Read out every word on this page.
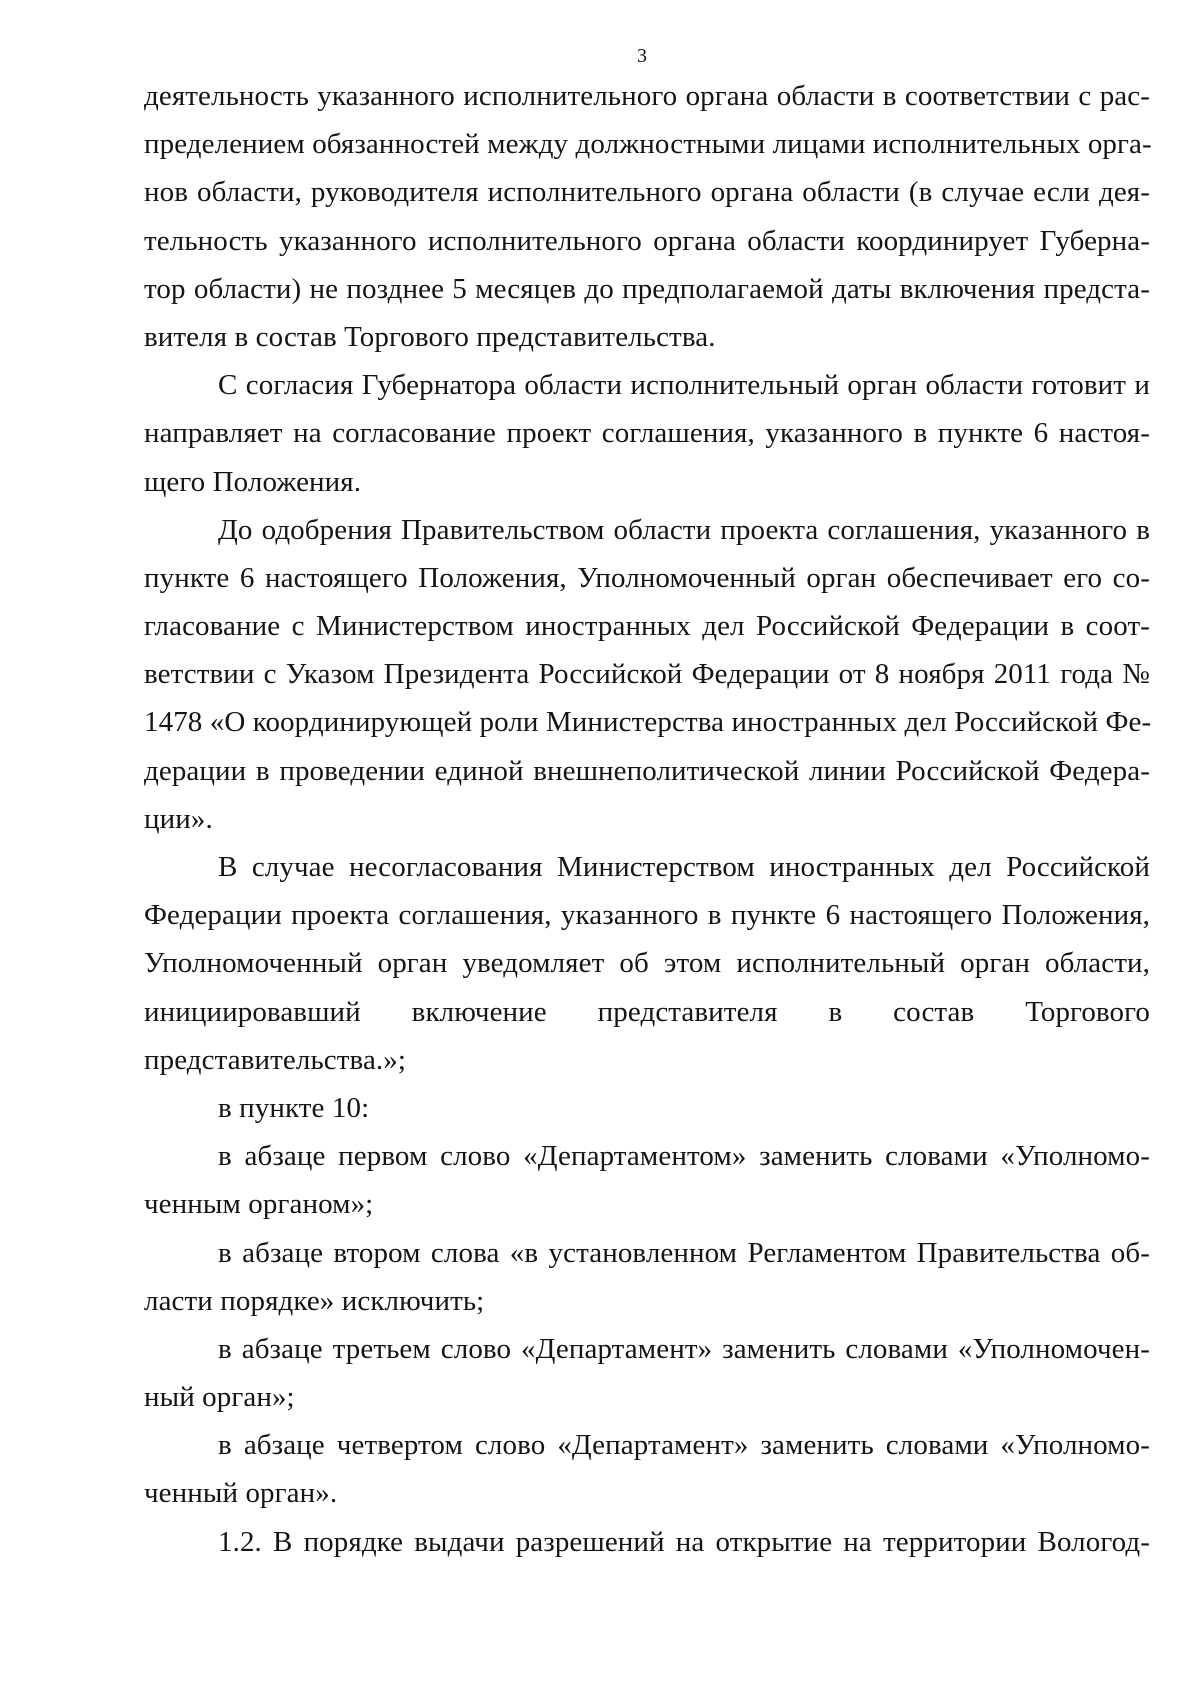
3
деятельность указанного исполнительного органа области в соответствии с рас-
пределением обязанностей между должностными лицами исполнительных орга-
нов области, руководителя исполнительного органа области (в случае если дея-
тельность указанного исполнительного органа области координирует Губерна-
тор области) не позднее 5 месяцев до предполагаемой даты включения предста-
вителя в состав Торгового представительства.
С согласия Губернатора области исполнительный орган области готовит и
направляет на согласование проект соглашения, указанного в пункте 6 настоя-
щего Положения.
До одобрения Правительством области проекта соглашения, указанного в
пункте 6 настоящего Положения, Уполномоченный орган обеспечивает его со-
гласование с Министерством иностранных дел Российской Федерации в соот-
ветствии с Указом Президента Российской Федерации от 8 ноября 2011 года №
1478 «О координирующей роли Министерства иностранных дел Российской Фе-
дерации в проведении единой внешнеполитической линии Российской Федера-
ции».
В случае несогласования Министерством иностранных дел Российской
Федерации проекта соглашения, указанного в пункте 6 настоящего Положения,
Уполномоченный орган уведомляет об этом исполнительный орган области,
инициировавший включение представителя в состав Торгового
представительства.»;
в пункте 10:
в абзаце первом слово «Департаментом» заменить словами «Уполномо-
ченным органом»;
в абзаце втором слова «в установленном Регламентом Правительства об-
ласти порядке» исключить;
в абзаце третьем слово «Департамент» заменить словами «Уполномочен-
ный орган»;
в абзаце четвертом слово «Департамент» заменить словами «Уполномо-
ченный орган».
1.2. В порядке выдачи разрешений на открытие на территории Вологод-
